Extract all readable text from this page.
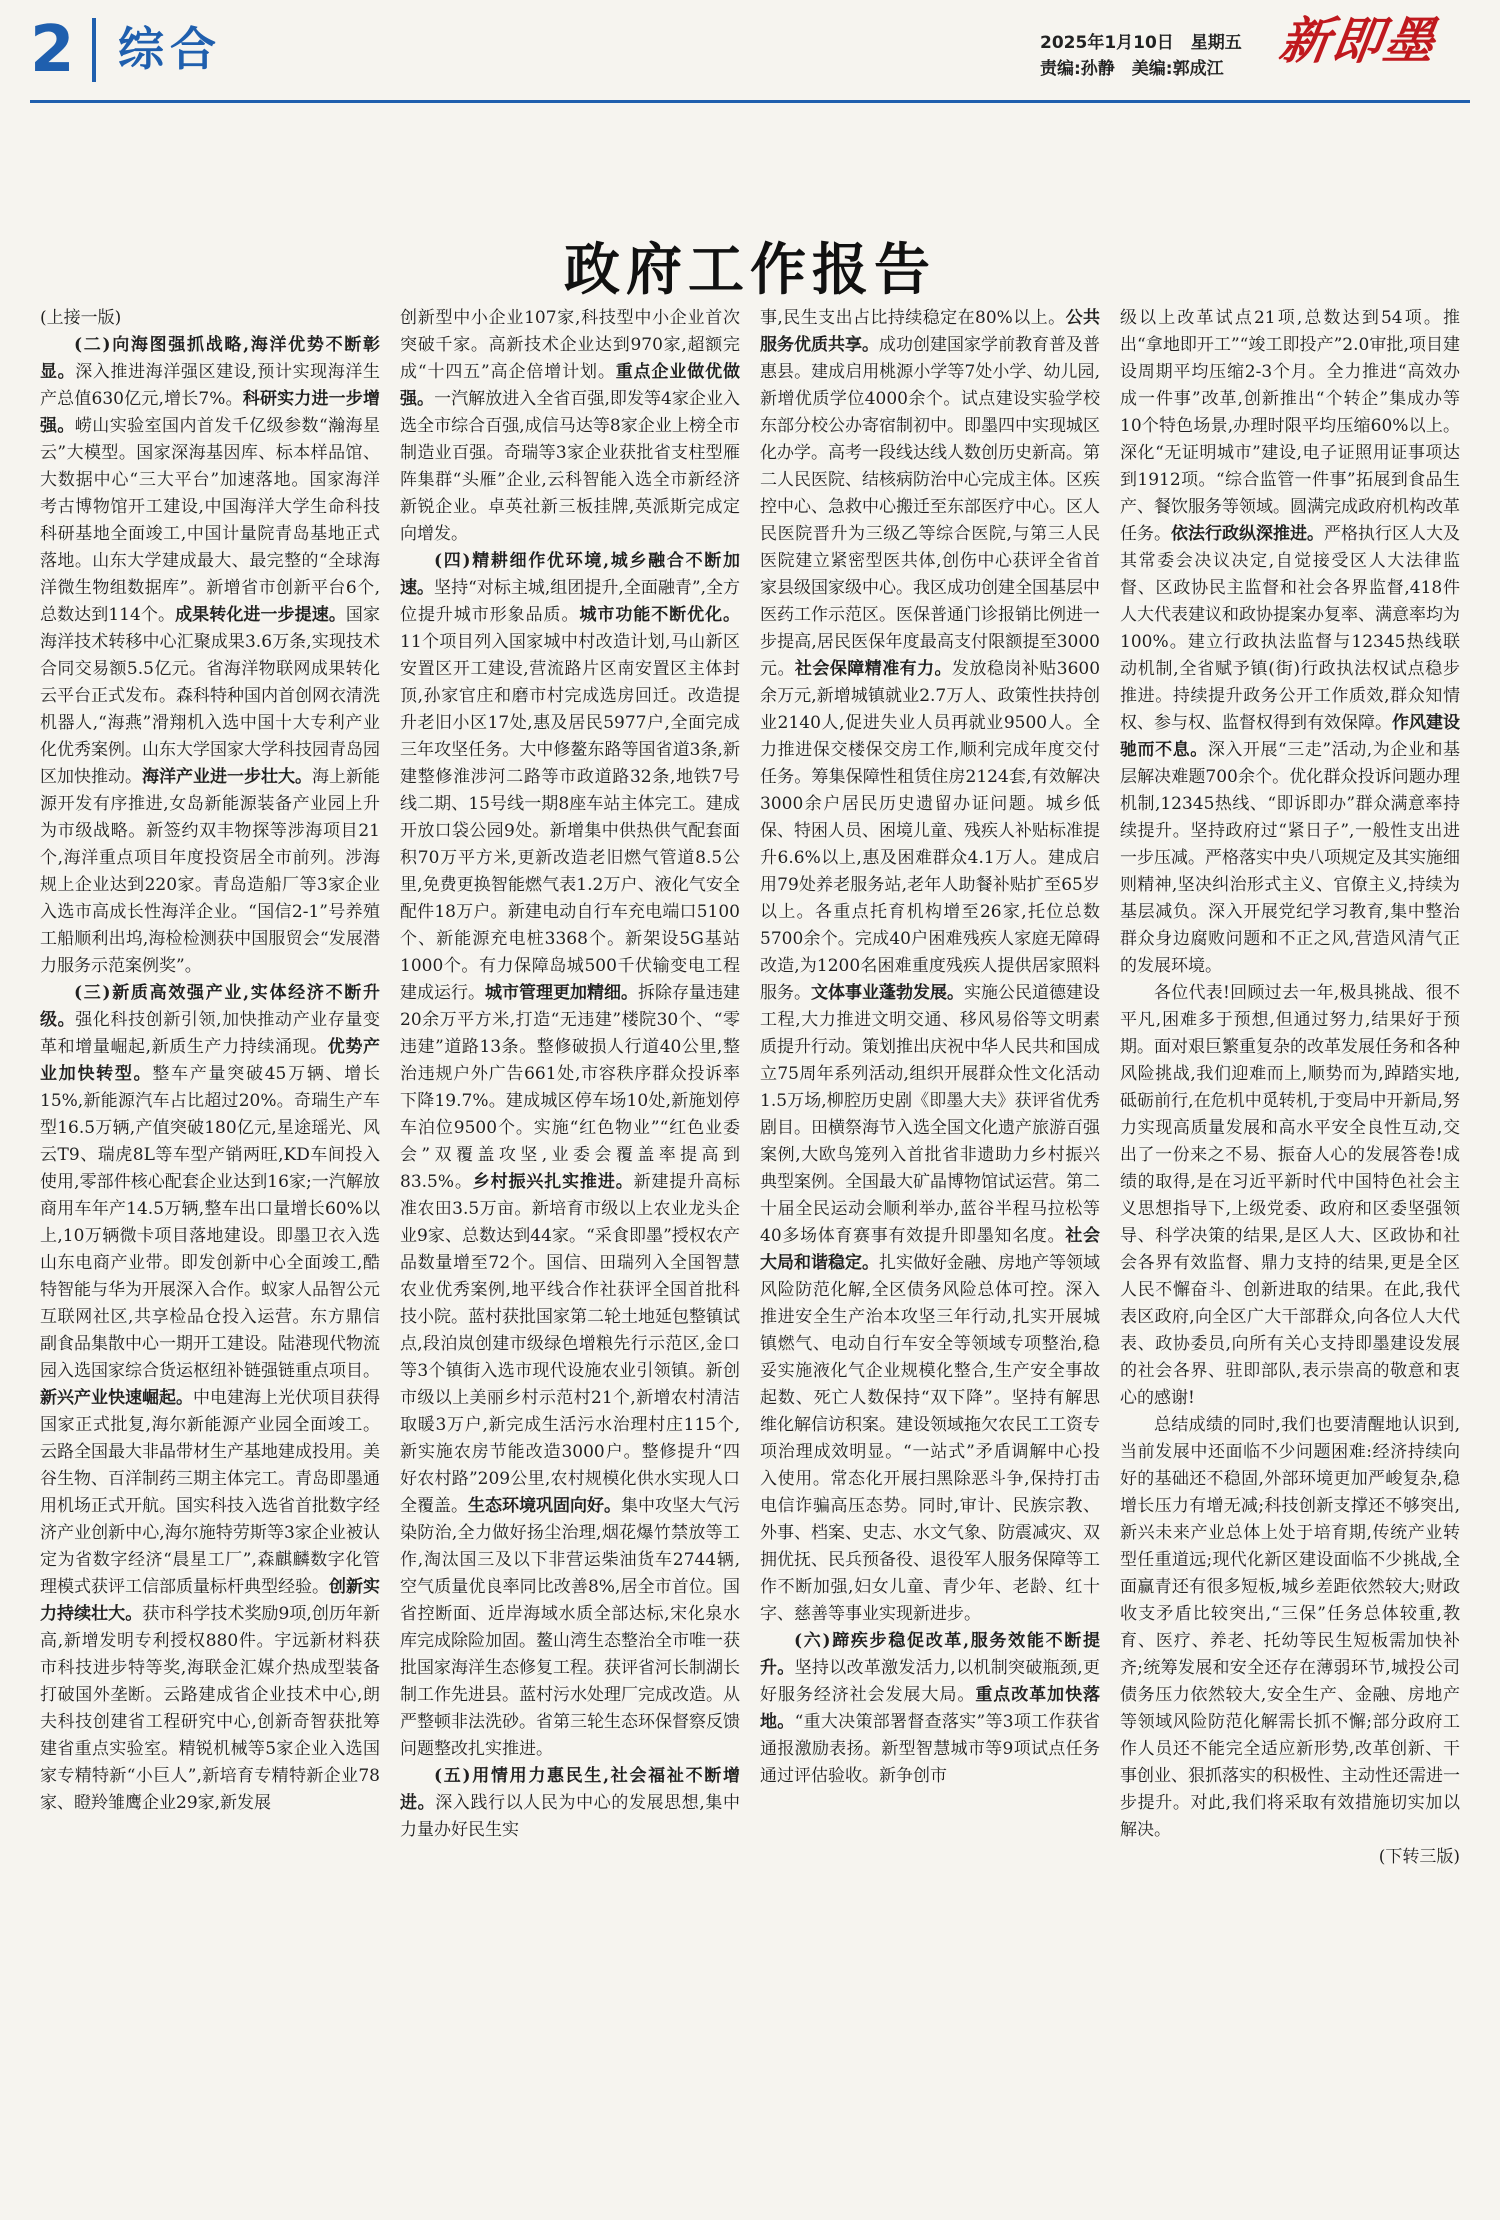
2 综合	2025年1月10日　星期五
责编:孙静　美编:郭成江 新即墨
政府工作报告

(上接一版)

(二)向海图强抓战略,海洋优势不断彰显。深入推进海洋强区建设,预计实现海洋生产总值630亿元,增长7%。科研实力进一步增强。崂山实验室国内首发千亿级参数“瀚海星云”大模型。国家深海基因库、标本样品馆、大数据中心“三大平台”加速落地。国家海洋考古博物馆开工建设,中国海洋大学生命科技科研基地全面竣工,中国计量院青岛基地正式落地。山东大学建成最大、最完整的“全球海洋微生物组数据库”。新增省市创新平台6个,总数达到114个。成果转化进一步提速。国家海洋技术转移中心汇聚成果3.6万条,实现技术合同交易额5.5亿元。省海洋物联网成果转化云平台正式发布。森科特种国内首创网衣清洗机器人,“海燕”滑翔机入选中国十大专利产业化优秀案例。山东大学国家大学科技园青岛园区加快推动。海洋产业进一步壮大。海上新能源开发有序推进,女岛新能源装备产业园上升为市级战略。新签约双丰物探等涉海项目21个,海洋重点项目年度投资居全市前列。涉海规上企业达到220家。青岛造船厂等3家企业入选市高成长性海洋企业。“国信2-1”号养殖工船顺利出坞,海检检测获中国服贸会“发展潜力服务示范案例奖”。

(三)新质高效强产业,实体经济不断升级。强化科技创新引领,加快推动产业存量变革和增量崛起,新质生产力持续涌现。优势产业加快转型。整车产量突破45万辆、增长15%,新能源汽车占比超过20%。奇瑞生产车型16.5万辆,产值突破180亿元,星途瑶光、风云T9、瑞虎8L等车型产销两旺,KD车间投入使用,零部件核心配套企业达到16家;一汽解放商用车年产14.5万辆,整车出口量增长60%以上,10万辆微卡项目落地建设。即墨卫衣入选山东电商产业带。即发创新中心全面竣工,酷特智能与华为开展深入合作。蚁家人品智公元互联网社区,共享检品仓投入运营。东方鼎信副食品集散中心一期开工建设。陆港现代物流园入选国家综合货运枢纽补链强链重点项目。新兴产业快速崛起。中电建海上光伏项目获得国家正式批复,海尔新能源产业园全面竣工。云路全国最大非晶带材生产基地建成投用。美谷生物、百洋制药三期主体完工。青岛即墨通用机场正式开航。国实科技入选省首批数字经济产业创新中心,海尔施特劳斯等3家企业被认定为省数字经济“晨星工厂”,森麒麟数字化管理模式获评工信部质量标杆典型经验。创新实力持续壮大。获市科学技术奖励9项,创历年新高,新增发明专利授权880件。宇远新材料获市科技进步特等奖,海联金汇媒介热成型装备打破国外垄断。云路建成省企业技术中心,朗夫科技创建省工程研究中心,创新奇智获批筹建省重点实验室。精锐机械等5家企业入选国家专精特新“小巨人”,新培育专精特新企业78家、瞪羚雏鹰企业29家,新发展

创新型中小企业107家,科技型中小企业首次突破千家。高新技术企业达到970家,超额完成“十四五”高企倍增计划。重点企业做优做强。一汽解放进入全省百强,即发等4家企业入选全市综合百强,成信马达等8家企业上榜全市制造业百强。奇瑞等3家企业获批省支柱型雁阵集群“头雁”企业,云科智能入选全市新经济新锐企业。卓英社新三板挂牌,英派斯完成定向增发。

(四)精耕细作优环境,城乡融合不断加速。坚持“对标主城,组团提升,全面融青”,全方位提升城市形象品质。城市功能不断优化。11个项目列入国家城中村改造计划,马山新区安置区开工建设,营流路片区南安置区主体封顶,孙家官庄和磨市村完成选房回迁。改造提升老旧小区17处,惠及居民5977户,全面完成三年攻坚任务。大中修鳌东路等国省道3条,新建整修淮涉河二路等市政道路32条,地铁7号线二期、15号线一期8座车站主体完工。建成开放口袋公园9处。新增集中供热供气配套面积70万平方米,更新改造老旧燃气管道8.5公里,免费更换智能燃气表1.2万户、液化气安全配件18万户。新建电动自行车充电端口5100个、新能源充电桩3368个。新架设5G基站1000个。有力保障岛城500千伏输变电工程建成运行。城市管理更加精细。拆除存量违建20余万平方米,打造“无违建”楼院30个、“零违建”道路13条。整修破损人行道40公里,整治违规户外广告661处,市容秩序群众投诉率下降19.7%。建成城区停车场10处,新施划停车泊位9500个。实施“红色物业”“红色业委会”双覆盖攻坚,业委会覆盖率提高到83.5%。乡村振兴扎实推进。新建提升高标准农田3.5万亩。新培育市级以上农业龙头企业9家、总数达到44家。“采食即墨”授权农产品数量增至72个。国信、田瑞列入全国智慧农业优秀案例,地平线合作社获评全国首批科技小院。蓝村获批国家第二轮土地延包整镇试点,段泊岚创建市级绿色增粮先行示范区,金口等3个镇街入选市现代设施农业引领镇。新创市级以上美丽乡村示范村21个,新增农村清洁取暖3万户,新完成生活污水治理村庄115个,新实施农房节能改造3000户。整修提升“四好农村路”209公里,农村规模化供水实现人口全覆盖。生态环境巩固向好。集中攻坚大气污染防治,全力做好扬尘治理,烟花爆竹禁放等工作,淘汰国三及以下非营运柴油货车2744辆,空气质量优良率同比改善8%,居全市首位。国省控断面、近岸海域水质全部达标,宋化泉水库完成除险加固。鳌山湾生态整治全市唯一获批国家海洋生态修复工程。获评省河长制湖长制工作先进县。蓝村污水处理厂完成改造。从严整顿非法洗砂。省第三轮生态环保督察反馈问题整改扎实推进。

(五)用情用力惠民生,社会福祉不断增进。深入践行以人民为中心的发展思想,集中力量办好民生实

事,民生支出占比持续稳定在80%以上。公共服务优质共享。成功创建国家学前教育普及普惠县。建成启用桃源小学等7处小学、幼儿园,新增优质学位4000余个。试点建设实验学校东部分校公办寄宿制初中。即墨四中实现城区化办学。高考一段线达线人数创历史新高。第二人民医院、结核病防治中心完成主体。区疾控中心、急救中心搬迁至东部医疗中心。区人民医院晋升为三级乙等综合医院,与第三人民医院建立紧密型医共体,创伤中心获评全省首家县级国家级中心。我区成功创建全国基层中医药工作示范区。医保普通门诊报销比例进一步提高,居民医保年度最高支付限额提至3000元。社会保障精准有力。发放稳岗补贴3600余万元,新增城镇就业2.7万人、政策性扶持创业2140人,促进失业人员再就业9500人。全力推进保交楼保交房工作,顺利完成年度交付任务。筹集保障性租赁住房2124套,有效解决3000余户居民历史遗留办证问题。城乡低保、特困人员、困境儿童、残疾人补贴标准提升6.6%以上,惠及困难群众4.1万人。建成启用79处养老服务站,老年人助餐补贴扩至65岁以上。各重点托育机构增至26家,托位总数5700余个。完成40户困难残疾人家庭无障碍改造,为1200名困难重度残疾人提供居家照料服务。文体事业蓬勃发展。实施公民道德建设工程,大力推进文明交通、移风易俗等文明素质提升行动。策划推出庆祝中华人民共和国成立75周年系列活动,组织开展群众性文化活动1.5万场,柳腔历史剧《即墨大夫》获评省优秀剧目。田横祭海节入选全国文化遗产旅游百强案例,大欧鸟笼列入首批省非遗助力乡村振兴典型案例。全国最大矿晶博物馆试运营。第二十届全民运动会顺利举办,蓝谷半程马拉松等40多场体育赛事有效提升即墨知名度。社会大局和谐稳定。扎实做好金融、房地产等领域风险防范化解,全区债务风险总体可控。深入推进安全生产治本攻坚三年行动,扎实开展城镇燃气、电动自行车安全等领域专项整治,稳妥实施液化气企业规模化整合,生产安全事故起数、死亡人数保持“双下降”。坚持有解思维化解信访积案。建设领域拖欠农民工工资专项治理成效明显。“一站式”矛盾调解中心投入使用。常态化开展扫黑除恶斗争,保持打击电信诈骗高压态势。同时,审计、民族宗教、外事、档案、史志、水文气象、防震减灾、双拥优抚、民兵预备役、退役军人服务保障等工作不断加强,妇女儿童、青少年、老龄、红十字、慈善等事业实现新进步。

(六)蹄疾步稳促改革,服务效能不断提升。坚持以改革激发活力,以机制突破瓶颈,更好服务经济社会发展大局。重点改革加快落地。“重大决策部署督查落实”等3项工作获省通报激励表扬。新型智慧城市等9项试点任务通过评估验收。新争创市

级以上改革试点21项,总数达到54项。推出“拿地即开工”“竣工即投产”2.0审批,项目建设周期平均压缩2-3个月。全力推进“高效办成一件事”改革,创新推出“个转企”集成办等10个特色场景,办理时限平均压缩60%以上。深化“无证明城市”建设,电子证照用证事项达到1912项。“综合监管一件事”拓展到食品生产、餐饮服务等领域。圆满完成政府机构改革任务。依法行政纵深推进。严格执行区人大及其常委会决议决定,自觉接受区人大法律监督、区政协民主监督和社会各界监督,418件人大代表建议和政协提案办复率、满意率均为100%。建立行政执法监督与12345热线联动机制,全省赋予镇(街)行政执法权试点稳步推进。持续提升政务公开工作质效,群众知情权、参与权、监督权得到有效保障。作风建设驰而不息。深入开展“三走”活动,为企业和基层解决难题700余个。优化群众投诉问题办理机制,12345热线、“即诉即办”群众满意率持续提升。坚持政府过“紧日子”,一般性支出进一步压减。严格落实中央八项规定及其实施细则精神,坚决纠治形式主义、官僚主义,持续为基层减负。深入开展党纪学习教育,集中整治群众身边腐败问题和不正之风,营造风清气正的发展环境。

各位代表!回顾过去一年,极具挑战、很不平凡,困难多于预想,但通过努力,结果好于预期。面对艰巨繁重复杂的改革发展任务和各种风险挑战,我们迎难而上,顺势而为,踔踏实地,砥砺前行,在危机中觅转机,于变局中开新局,努力实现高质量发展和高水平安全良性互动,交出了一份来之不易、振奋人心的发展答卷!成绩的取得,是在习近平新时代中国特色社会主义思想指导下,上级党委、政府和区委坚强领导、科学决策的结果,是区人大、区政协和社会各界有效监督、鼎力支持的结果,更是全区人民不懈奋斗、创新进取的结果。在此,我代表区政府,向全区广大干部群众,向各位人大代表、政协委员,向所有关心支持即墨建设发展的社会各界、驻即部队,表示崇高的敬意和衷心的感谢!

总结成绩的同时,我们也要清醒地认识到,当前发展中还面临不少问题困难:经济持续向好的基础还不稳固,外部环境更加严峻复杂,稳增长压力有增无减;科技创新支撑还不够突出,新兴未来产业总体上处于培育期,传统产业转型任重道远;现代化新区建设面临不少挑战,全面赢青还有很多短板,城乡差距依然较大;财政收支矛盾比较突出,“三保”任务总体较重,教育、医疗、养老、托幼等民生短板需加快补齐;统筹发展和安全还存在薄弱环节,城投公司债务压力依然较大,安全生产、金融、房地产等领域风险防范化解需长抓不懈;部分政府工作人员还不能完全适应新形势,改革创新、干事创业、狠抓落实的积极性、主动性还需进一步提升。对此,我们将采取有效措施切实加以解决。

(下转三版)
